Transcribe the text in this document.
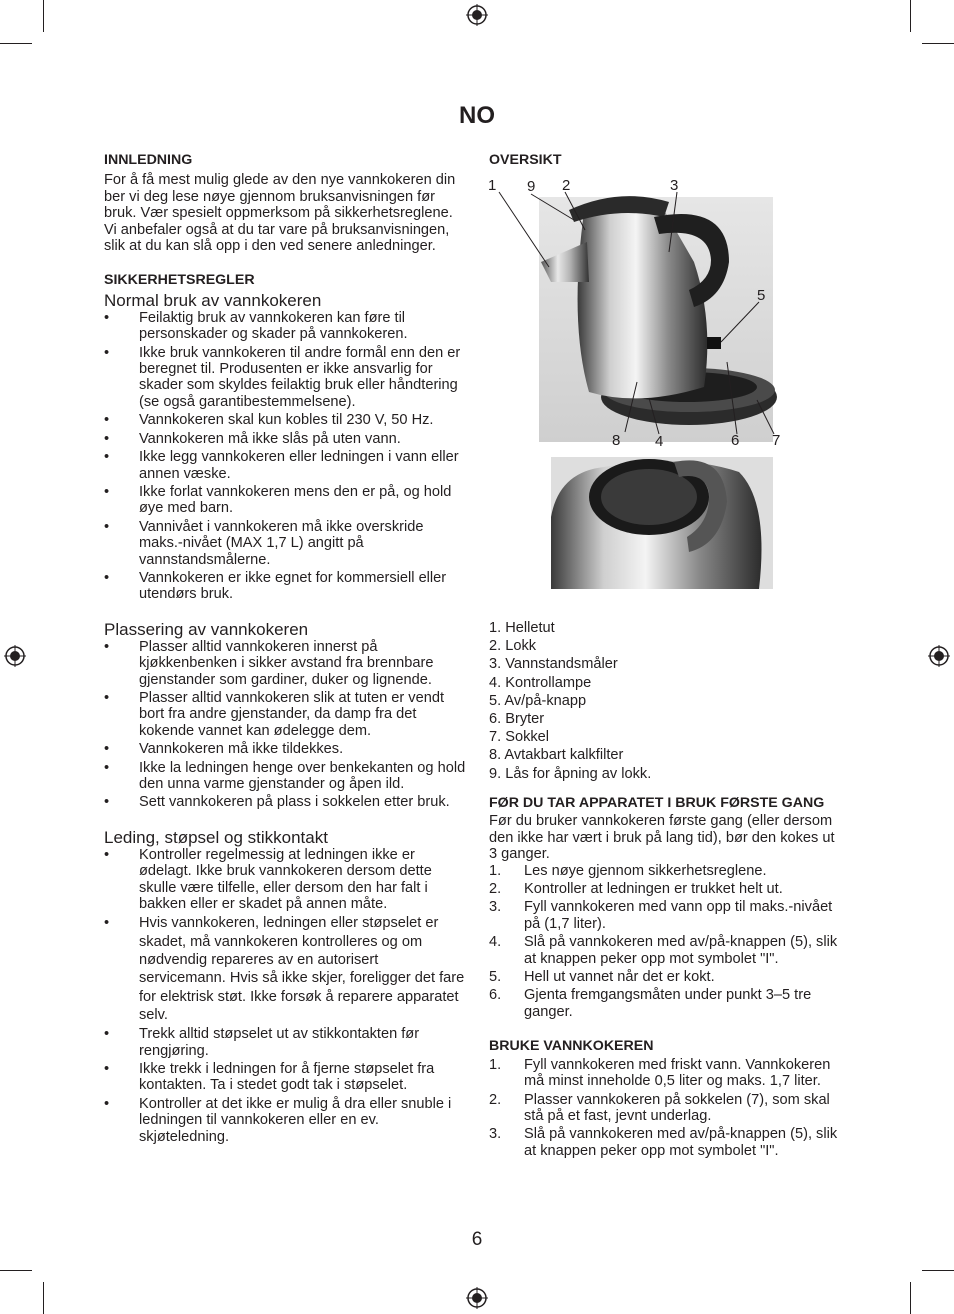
NO

INNLEDNING

For å få mest mulig glede av den nye vannkokeren din ber vi deg lese nøye gjennom bruksanvisningen før bruk. Vær spesielt oppmerksom på sikkerhetsreglene. Vi anbefaler også at du tar vare på bruksanvisningen, slik at du kan slå opp i den ved senere anledninger.

SIKKERHETSREGLER

Normal bruk av vannkokeren

• Feilaktig bruk av vannkokeren kan føre til personskader og skader på vannkokeren.
• Ikke bruk vannkokeren til andre formål enn den er beregnet til. Produsenten er ikke ansvarlig for skader som skyldes feilaktig bruk eller håndtering (se også garantibestemmelsene).
• Vannkokeren skal kun kobles til 230 V, 50 Hz.
• Vannkokeren må ikke slås på uten vann.
• Ikke legg vannkokeren eller ledningen i vann eller annen væske.
• Ikke forlat vannkokeren mens den er på, og hold øye med barn.
• Vannivået i vannkokeren må ikke overskride maks.-nivået (MAX 1,7 L) angitt på vannstandsmålerne.
• Vannkokeren er ikke egnet for kommersiell eller utendørs bruk.

Plassering av vannkokeren

• Plasser alltid vannkokeren innerst på kjøkkenbenken i sikker avstand fra brennbare gjenstander som gardiner, duker og lignende.
• Plasser alltid vannkokeren slik at tuten er vendt bort fra andre gjenstander, da damp fra det kokende vannet kan ødelegge dem.
• Vannkokeren må ikke tildekkes.
• Ikke la ledningen henge over benkekanten og hold den unna varme gjenstander og åpen ild.
• Sett vannkokeren på plass i sokkelen etter bruk.

Leding, støpsel og stikkontakt

• Kontroller regelmessig at ledningen ikke er ødelagt. Ikke bruk vannkokeren dersom dette skulle være tilfelle, eller dersom den har falt i bakken eller er skadet på annen måte.
• Hvis vannkokeren, ledningen eller støpselet er skadet, må vannkokeren kontrolleres og om nødvendig repareres av en autorisert servicemann. Hvis så ikke skjer, foreligger det fare for elektrisk støt. Ikke forsøk å reparere apparatet selv.
• Trekk alltid støpselet ut av stikkontakten før rengjøring.
• Ikke trekk i ledningen for å fjerne støpselet fra kontakten. Ta i stedet godt tak i støpselet.
• Kontroller at det ikke er mulig å dra eller snuble i ledningen til vannkokeren eller en ev. skjøteledning.

OVERSIKT

1 9 2	3
5
8 4	6 7
1. Helletut
2. Lokk
3. Vannstandsmåler
4. Kontrollampe
5. Av/på-knapp
6. Bryter
7. Sokkel
8. Avtakbart kalkfilter
9. Lås for åpning av lokk.

FØR DU TAR APPARATET I BRUK FØRSTE GANG

Før du bruker vannkokeren første gang (eller dersom den ikke har vært i bruk på lang tid), bør den kokes ut 3 ganger.

1. Les nøye gjennom sikkerhetsreglene.
2. Kontroller at ledningen er trukket helt ut.
3. Fyll vannkokeren med vann opp til maks.-nivået på (1,7 liter).
4. Slå på vannkokeren med av/på-knappen (5), slik at knappen peker opp mot symbolet "I".
5. Hell ut vannet når det er kokt.
6. Gjenta fremgangsmåten under punkt 3–5 tre ganger.

BRUKE VANNKOKEREN

1. Fyll vannkokeren med friskt vann. Vannkokeren må minst inneholde 0,5 liter og maks. 1,7 liter.
2. Plasser vannkokeren på sokkelen (7), som skal stå på et fast, jevnt underlag.
3. Slå på vannkokeren med av/på-knappen (5), slik at knappen peker opp mot symbolet "I".
6
